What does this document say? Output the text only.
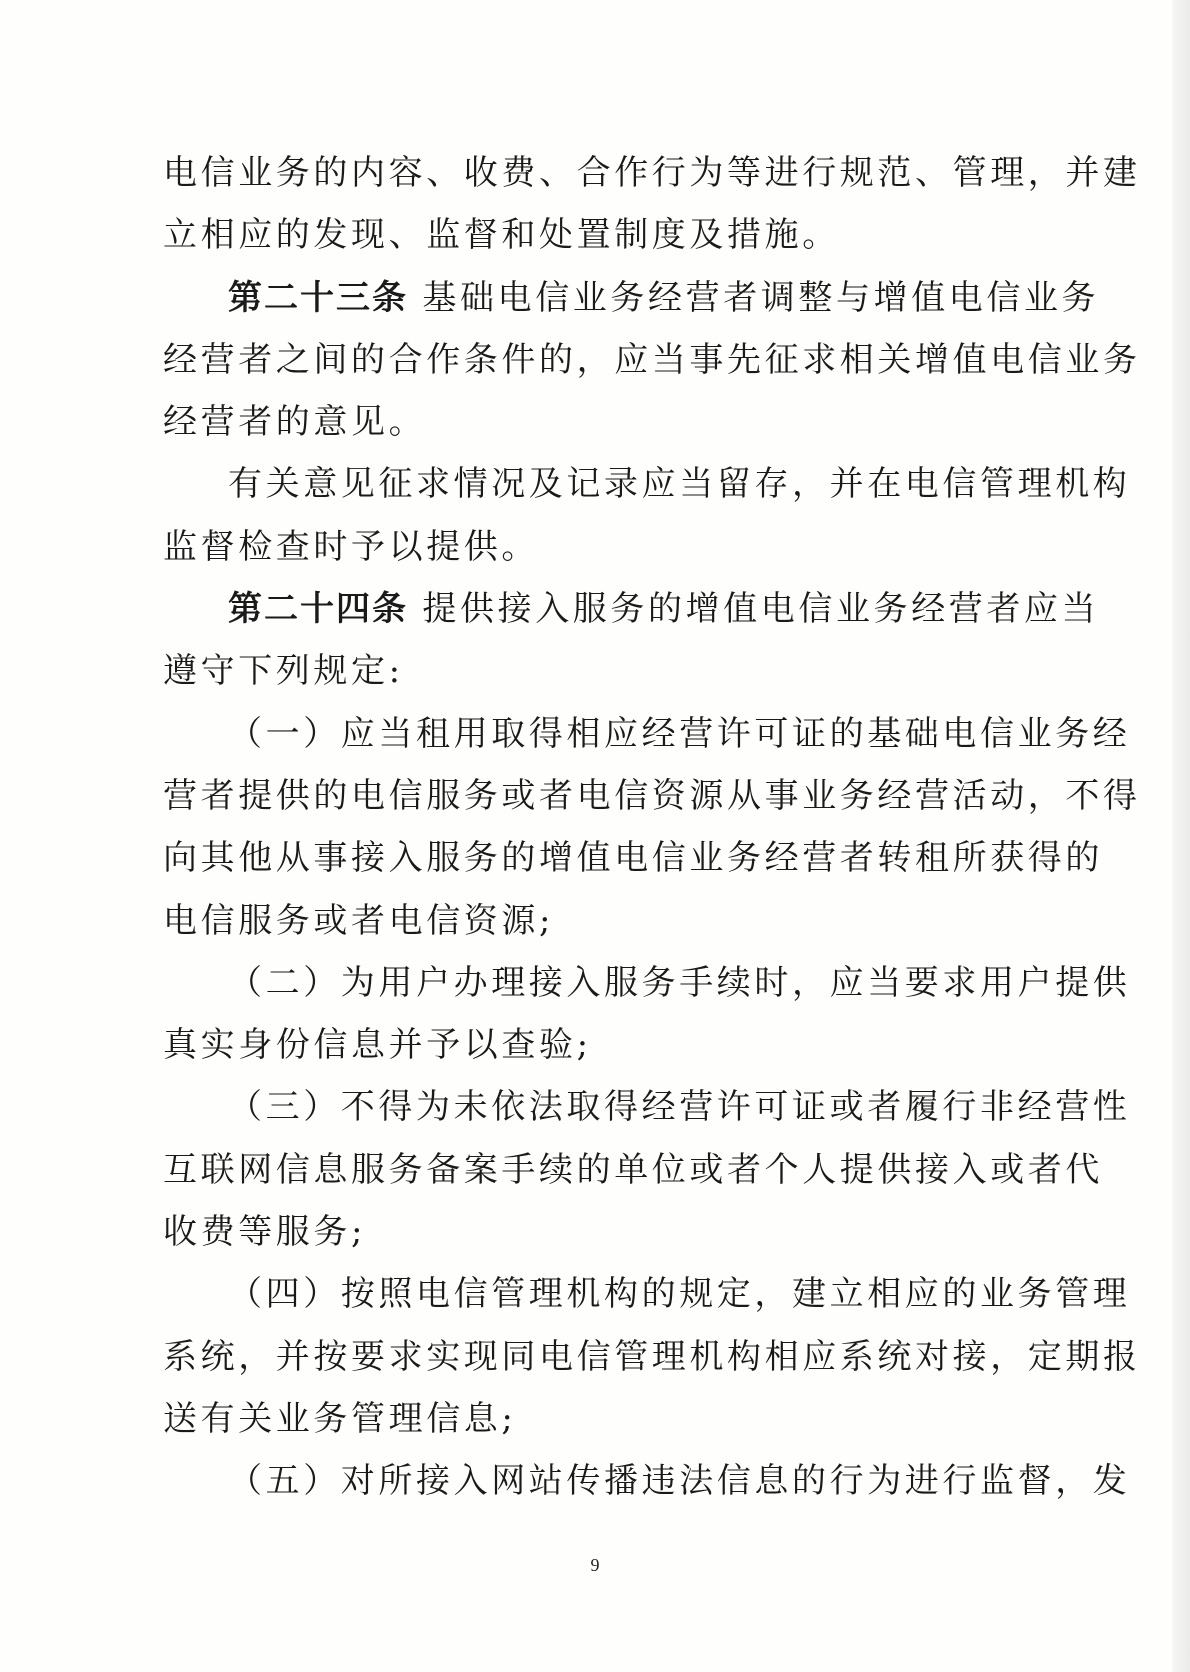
电信业务的内容、收费、合作行为等进行规范、管理，并建
立相应的发现、监督和处置制度及措施。
第二十三条 基础电信业务经营者调整与增值电信业务
经营者之间的合作条件的，应当事先征求相关增值电信业务
经营者的意见。
有关意见征求情况及记录应当留存，并在电信管理机构
监督检查时予以提供。
第二十四条 提供接入服务的增值电信业务经营者应当
遵守下列规定:
（一）应当租用取得相应经营许可证的基础电信业务经
营者提供的电信服务或者电信资源从事业务经营活动，不得
向其他从事接入服务的增值电信业务经营者转租所获得的
电信服务或者电信资源;
（二）为用户办理接入服务手续时，应当要求用户提供
真实身份信息并予以查验;
（三）不得为未依法取得经营许可证或者履行非经营性
互联网信息服务备案手续的单位或者个人提供接入或者代
收费等服务;
（四）按照电信管理机构的规定，建立相应的业务管理
系统，并按要求实现同电信管理机构相应系统对接，定期报
送有关业务管理信息;
（五）对所接入网站传播违法信息的行为进行监督，发
9
